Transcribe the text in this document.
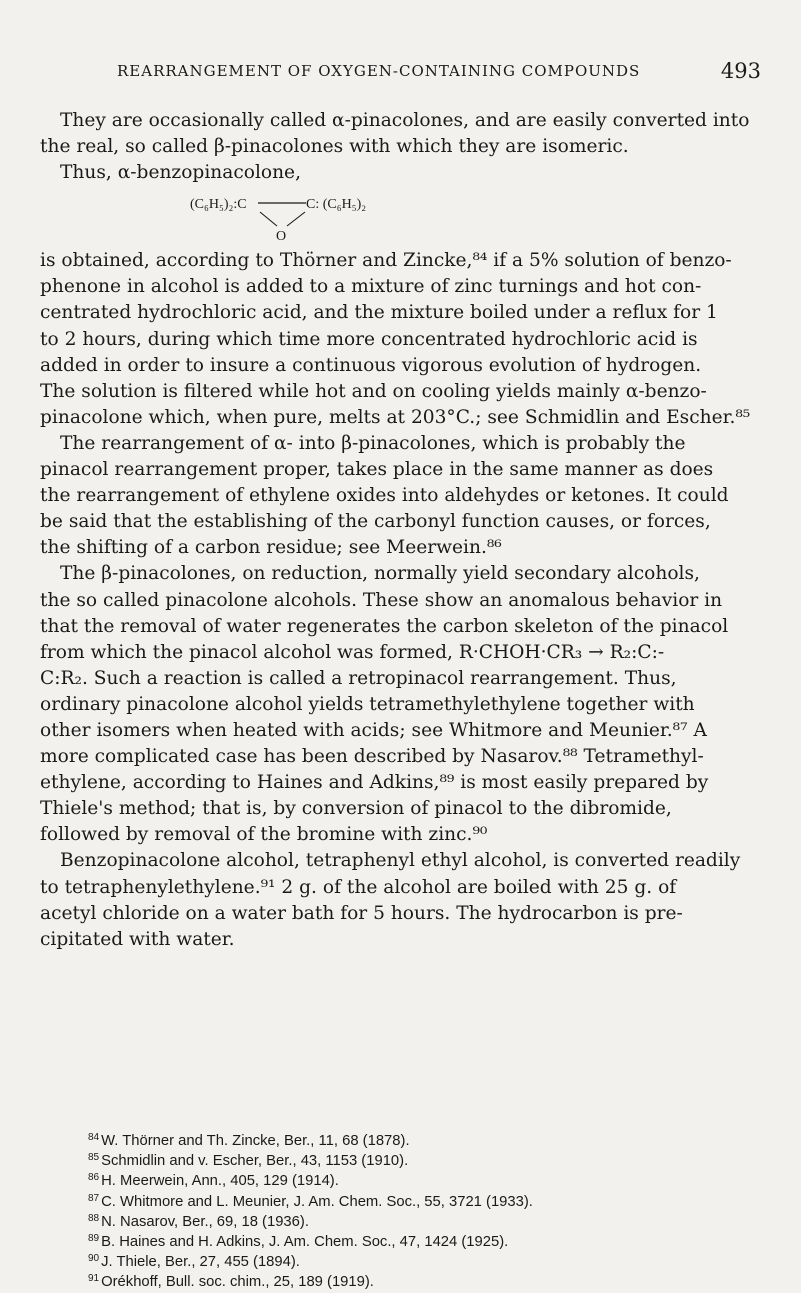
REARRANGEMENT OF OXYGEN-CONTAINING COMPOUNDS	493

They are occasionally called α-pinacolones, and are easily converted into

the real, so called β-pinacolones with which they are isomeric.

Thus, α-benzopinacolone,

(C₆H₅)₂:C	C: (C₆H₅)₂
O

is obtained, according to Thörner and Zincke,⁸⁴ if a 5% solution of benzo-

phenone in alcohol is added to a mixture of zinc turnings and hot con-

centrated hydrochloric acid, and the mixture boiled under a reflux for 1

to 2 hours, during which time more concentrated hydrochloric acid is

added in order to insure a continuous vigorous evolution of hydrogen.

The solution is filtered while hot and on cooling yields mainly α-benzo-

pinacolone which, when pure, melts at 203°C.; see Schmidlin and Escher.⁸⁵

The rearrangement of α- into β-pinacolones, which is probably the

pinacol rearrangement proper, takes place in the same manner as does

the rearrangement of ethylene oxides into aldehydes or ketones. It could

be said that the establishing of the carbonyl function causes, or forces,

the shifting of a carbon residue; see Meerwein.⁸⁶

The β-pinacolones, on reduction, normally yield secondary alcohols,

the so called pinacolone alcohols. These show an anomalous behavior in

that the removal of water regenerates the carbon skeleton of the pinacol

from which the pinacol alcohol was formed, R·CHOH·CR₃ → R₂:C:-

C:R₂. Such a reaction is called a retropinacol rearrangement. Thus,

ordinary pinacolone alcohol yields tetramethylethylene together with

other isomers when heated with acids; see Whitmore and Meunier.⁸⁷ A

more complicated case has been described by Nasarov.⁸⁸ Tetramethyl-

ethylene, according to Haines and Adkins,⁸⁹ is most easily prepared by

Thiele's method; that is, by conversion of pinacol to the dibromide,

followed by removal of the bromine with zinc.⁹⁰

Benzopinacolone alcohol, tetraphenyl ethyl alcohol, is converted readily

to tetraphenylethylene.⁹¹ 2 g. of the alcohol are boiled with 25 g. of

acetyl chloride on a water bath for 5 hours. The hydrocarbon is pre-

cipitated with water.

$^{84}$ W. Thörner and Th. Zincke, Ber., 11, 68 (1878).

$^{85}$ Schmidlin and v. Escher, Ber., 43, 1153 (1910).

$^{86}$ H. Meerwein, Ann., 405, 129 (1914).

$^{87}$ C. Whitmore and L. Meunier, J. Am. Chem. Soc., 55, 3721 (1933).

$^{88}$ N. Nasarov, Ber., 69, 18 (1936).

$^{89}$ B. Haines and H. Adkins, J. Am. Chem. Soc., 47, 1424 (1925).

$^{90}$ J. Thiele, Ber., 27, 455 (1894).

$^{91}$ Orékhoff, Bull. soc. chim., 25, 189 (1919).
